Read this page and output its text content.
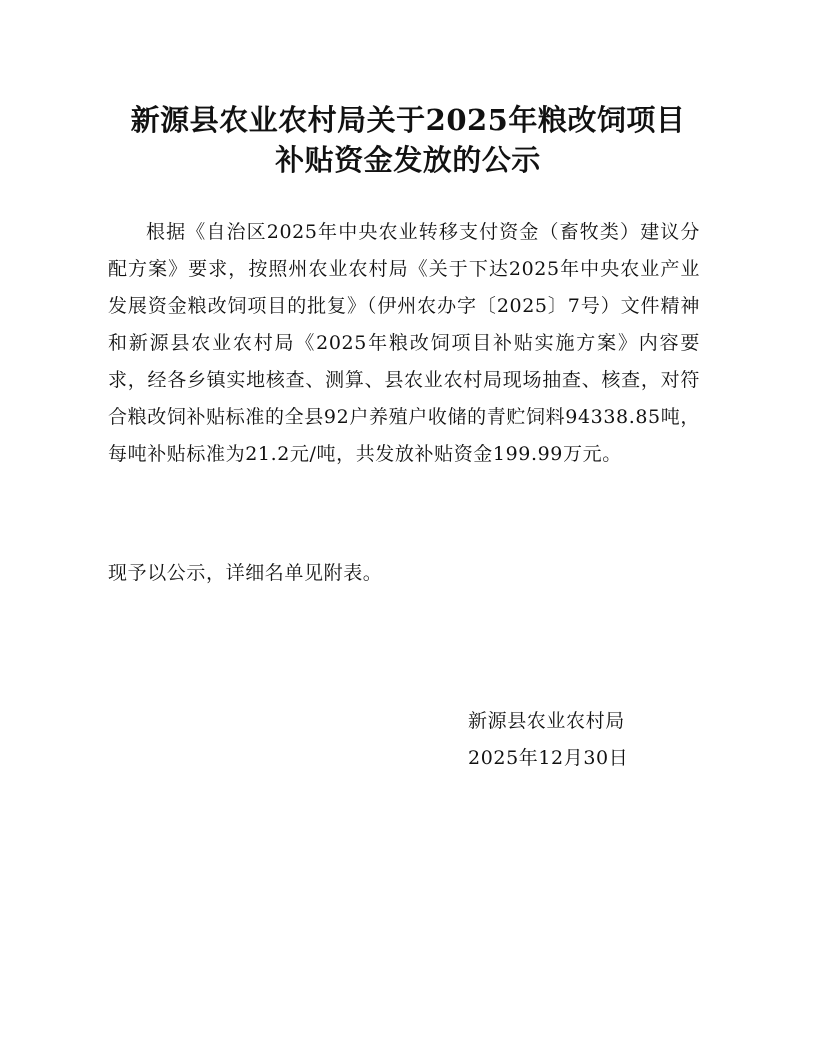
新源县农业农村局关于2025年粮改饲项目
补贴资金发放的公示

根据《自治区2025年中央农业转移支付资金（畜牧类）建议分配方案》要求，按照州农业农村局《关于下达2025年中央农业产业发展资金粮改饲项目的批复》（伊州农办字〔2025〕7号）文件精神和新源县农业农村局《2025年粮改饲项目补贴实施方案》内容要求，经各乡镇实地核查、测算、县农业农村局现场抽查、核查，对符合粮改饲补贴标准的全县92户养殖户收储的青贮饲料94338.85吨，每吨补贴标准为21.2元/吨，共发放补贴资金199.99万元。

现予以公示，详细名单见附表。

新源县农业农村局
2025年12月30日
